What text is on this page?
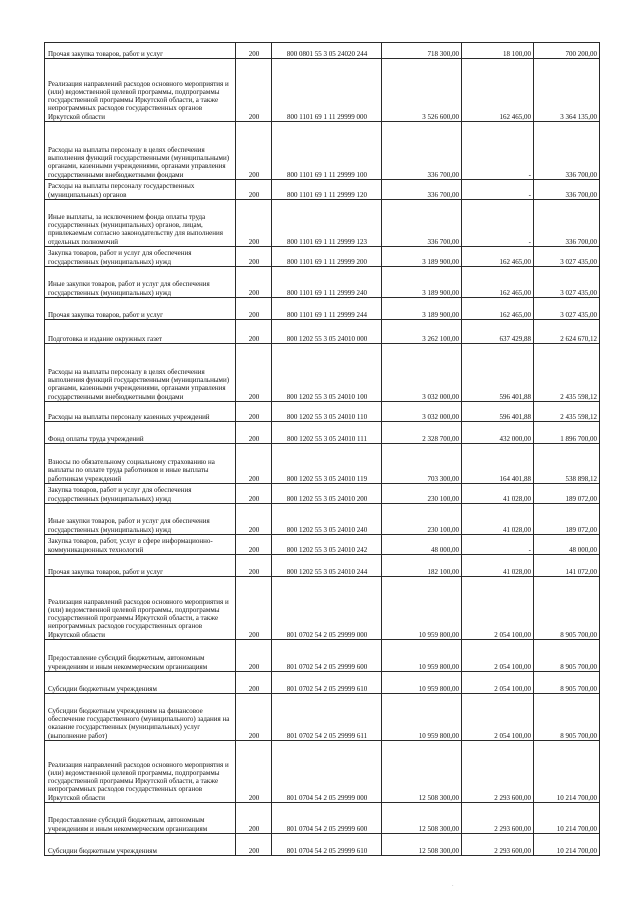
Прочая закупка товаров, работ и услуг	200	800 0801 55 3 05 24020 244	718 300,00	18 100,00	700 200,00
Реализация направлений расходов основного мероприятия и (или) ведомственной целевой программы, подпрограммы государственной программы Иркутской области, а также непрограммных расходов государственных органов Иркутской области	200	800 1101 69 1 11 29999 000	3 526 600,00	162 465,00	3 364 135,00
Расходы на выплаты персоналу в целях обеспечения выполнения функций государственными (муниципальными) органами, казенными учреждениями, органами управления государственными внебюджетными фондами	200	800 1101 69 1 11 29999 100	336 700,00	-	336 700,00
Расходы на выплаты персоналу государственных (муниципальных) органов	200	800 1101 69 1 11 29999 120	336 700,00	-	336 700,00
Иные выплаты, за исключением фонда оплаты труда государственных (муниципальных) органов, лицам, привлекаемым согласно законодательству для выполнения отдельных полномочий	200	800 1101 69 1 11 29999 123	336 700,00	-	336 700,00
Закупка товаров, работ и услуг для обеспечения государственных (муниципальных) нужд	200	800 1101 69 1 11 29999 200	3 189 900,00	162 465,00	3 027 435,00
Иные закупки товаров, работ и услуг для обеспечения государственных (муниципальных) нужд	200	800 1101 69 1 11 29999 240	3 189 900,00	162 465,00	3 027 435,00
Прочая закупка товаров, работ и услуг	200	800 1101 69 1 11 29999 244	3 189 900,00	162 465,00	3 027 435,00
Подготовка и издание окружных газет	200	800 1202 55 3 05 24010 000	3 262 100,00	637 429,88	2 624 670,12
Расходы на выплаты персоналу в целях обеспечения выполнения функций государственными (муниципальными) органами, казенными учреждениями, органами управления государственными внебюджетными фондами	200	800 1202 55 3 05 24010 100	3 032 000,00	596 401,88	2 435 598,12
Расходы на выплаты персоналу казенных учреждений	200	800 1202 55 3 05 24010 110	3 032 000,00	596 401,88	2 435 598,12
Фонд оплаты труда учреждений	200	800 1202 55 3 05 24010 111	2 328 700,00	432 000,00	1 896 700,00
Взносы по обязательному социальному страхованию на выплаты по оплате труда работников и иные выплаты работникам учреждений	200	800 1202 55 3 05 24010 119	703 300,00	164 401,88	538 898,12
Закупка товаров, работ и услуг для обеспечения государственных (муниципальных) нужд	200	800 1202 55 3 05 24010 200	230 100,00	41 028,00	189 072,00
Иные закупки товаров, работ и услуг для обеспечения государственных (муниципальных) нужд	200	800 1202 55 3 05 24010 240	230 100,00	41 028,00	189 072,00
Закупка товаров, работ, услуг в сфере информационно-коммуникационных технологий	200	800 1202 55 3 05 24010 242	48 000,00	-	48 000,00
Прочая закупка товаров, работ и услуг	200	800 1202 55 3 05 24010 244	182 100,00	41 028,00	141 072,00
Реализация направлений расходов основного мероприятия и (или) ведомственной целевой программы, подпрограммы государственной программы Иркутской области, а также непрограммных расходов государственных органов Иркутской области	200	801 0702 54 2 05 29999 000	10 959 800,00	2 054 100,00	8 905 700,00
Предоставление субсидий бюджетным, автономным учреждениям и иным некоммерческим организациям	200	801 0702 54 2 05 29999 600	10 959 800,00	2 054 100,00	8 905 700,00
Субсидии бюджетным учреждениям	200	801 0702 54 2 05 29999 610	10 959 800,00	2 054 100,00	8 905 700,00
Субсидии бюджетным учреждениям на финансовое обеспечение государственного (муниципального) задания на оказание государственных (муниципальных) услуг (выполнение работ)	200	801 0702 54 2 05 29999 611	10 959 800,00	2 054 100,00	8 905 700,00
Реализация направлений расходов основного мероприятия и (или) ведомственной целевой программы, подпрограммы государственной программы Иркутской области, а также непрограммных расходов государственных органов Иркутской области	200	801 0704 54 2 05 29999 000	12 508 300,00	2 293 600,00	10 214 700,00
Предоставление субсидий бюджетным, автономным учреждениям и иным некоммерческим организациям	200	801 0704 54 2 05 29999 600	12 508 300,00	2 293 600,00	10 214 700,00
Субсидии бюджетным учреждениям	200	801 0704 54 2 05 29999 610	12 508 300,00	2 293 600,00	10 214 700,00
·
